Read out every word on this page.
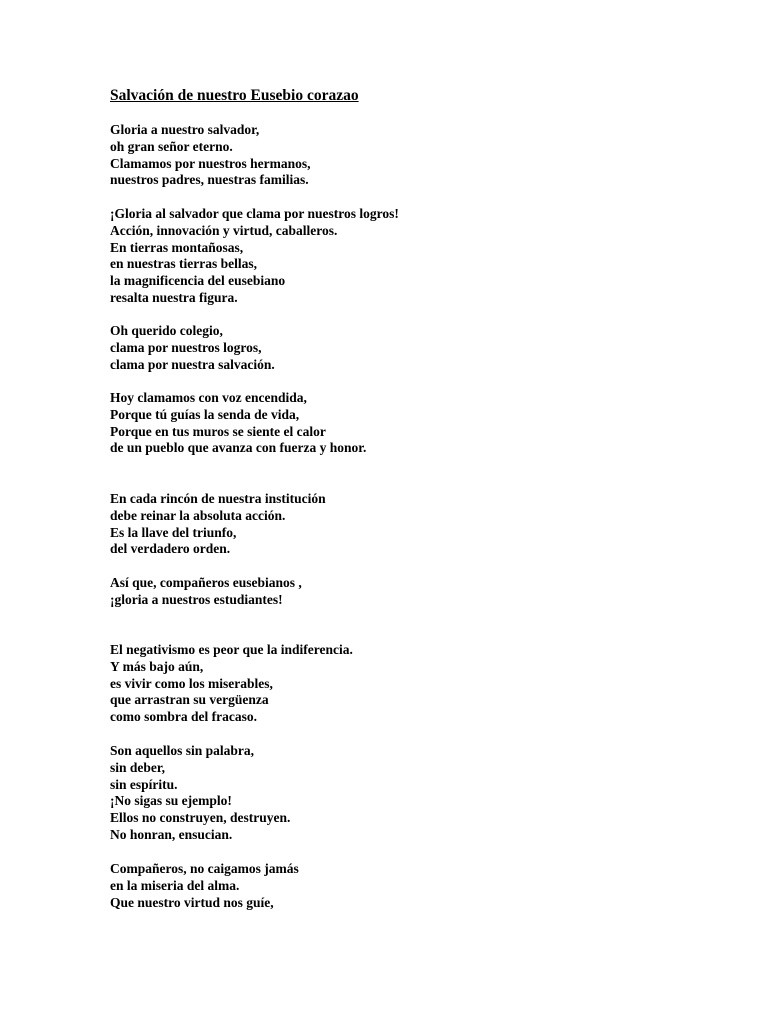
Salvación de nuestro Eusebio corazao
Gloria a nuestro salvador,
oh gran señor eterno.
Clamamos por nuestros hermanos,
nuestros padres, nuestras familias.
¡Gloria al salvador que clama por nuestros logros!
Acción, innovación y virtud, caballeros.
En tierras montañosas,
en nuestras tierras bellas,
la magnificencia del eusebiano
resalta nuestra figura.
Oh querido colegio,
clama por nuestros logros,
clama por nuestra salvación.
Hoy clamamos con voz encendida,
Porque tú guías la senda de vida,
Porque en tus muros se siente el calor
de un pueblo que avanza con fuerza y honor.
En cada rincón de nuestra institución
debe reinar la absoluta acción.
Es la llave del triunfo,
del verdadero orden.
Así que, compañeros eusebianos ,
¡gloria a nuestros estudiantes!
El negativismo es peor que la indiferencia.
Y más bajo aún,
es vivir como los miserables,
que arrastran su vergüenza
como sombra del fracaso.
Son aquellos sin palabra,
sin deber,
sin espíritu.
¡No sigas su ejemplo!
Ellos no construyen, destruyen.
No honran, ensucian.
Compañeros, no caigamos jamás
en la miseria del alma.
Que nuestro virtud nos guíe,
